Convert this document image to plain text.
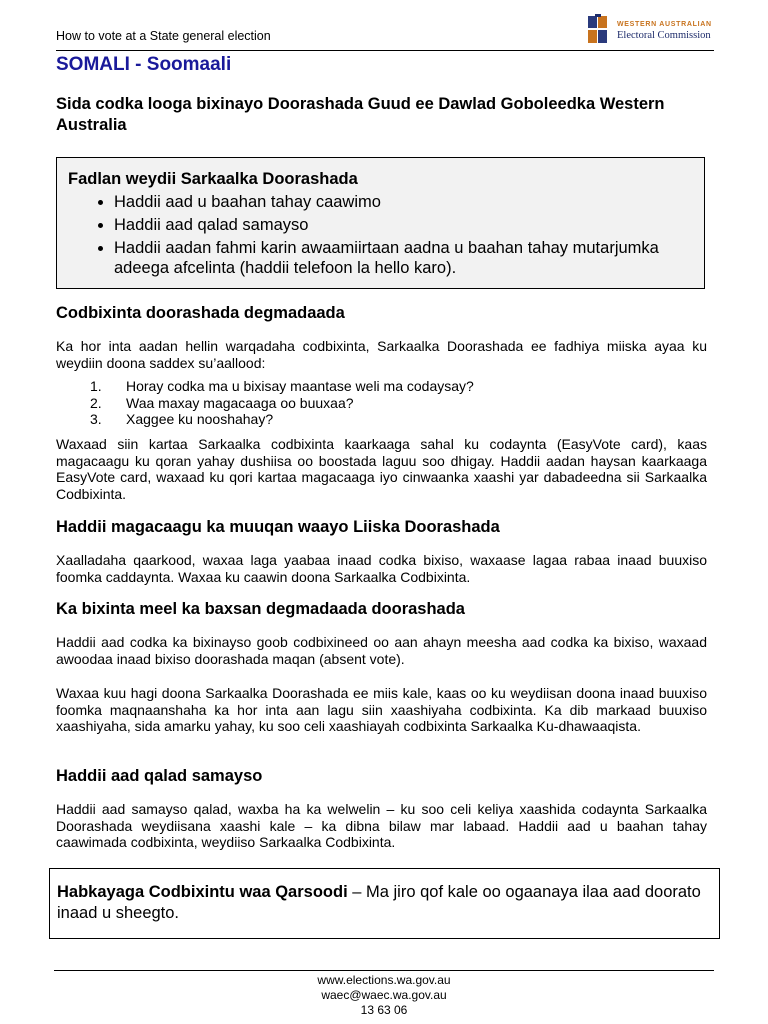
How to vote at a State general election
WESTERN AUSTRALIAN
Electoral Commission
SOMALI - Soomaali
Sida codka looga bixinayo Doorashada Guud ee Dawlad Goboleedka Western Australia
Fadlan weydii Sarkaalka Doorashada
• Haddii aad u baahan tahay caawimo
• Haddii aad qalad samayso
• Haddii aadan fahmi karin awaamiirtaan aadna u baahan tahay mutarjumka adeega afcelinta (haddii telefoon la hello karo).
Codbixinta doorashada degmadaada
Ka hor inta aadan hellin warqadaha codbixinta, Sarkaalka Doorashada ee fadhiya miiska ayaa ku weydiin doona saddex su’aallood:
1.	Horay codka ma u bixisay maantase weli ma codaysay?
2.	Waa maxay magacaaga oo buuxaa?
3.	Xaggee ku nooshahay?
Waxaad siin kartaa Sarkaalka codbixinta kaarkaaga sahal ku codaynta (EasyVote card), kaas magacaagu ku qoran yahay dushiisa oo boostada laguu soo dhigay. Haddii aadan haysan kaarkaaga EasyVote card, waxaad ku qori kartaa magacaaga iyo cinwaanka xaashi yar dabadeedna sii Sarkaalka Codbixinta.
Haddii magacaagu ka muuqan waayo Liiska Doorashada
Xaalladaha qaarkood, waxaa laga yaabaa inaad codka bixiso, waxaase lagaa rabaa inaad buuxiso foomka caddaynta. Waxaa ku caawin doona Sarkaalka Codbixinta.
Ka bixinta meel ka baxsan degmadaada doorashada
Haddii aad codka ka bixinayso goob codbixineed oo aan ahayn meesha aad codka ka bixiso, waxaad awoodaa inaad bixiso doorashada maqan (absent vote).
Waxaa kuu hagi doona Sarkaalka Doorashada ee miis kale, kaas oo ku weydiisan doona inaad buuxiso foomka maqnaanshaha ka hor inta aan lagu siin xaashiyaha codbixinta. Ka dib markaad buuxiso xaashiyaha, sida amarku yahay, ku soo celi xaashiayah codbixinta Sarkaalka Ku-dhawaaqista.
Haddii aad qalad samayso
Haddii aad samayso qalad, waxba ha ka welwelin – ku soo celi keliya xaashida codaynta Sarkaalka Doorashada weydiisana xaashi kale – ka dibna bilaw mar labaad. Haddii aad u baahan tahay caawimada codbixinta, weydiiso Sarkaalka Codbixinta.
Habkayaga Codbixintu waa Qarsoodi – Ma jiro qof kale oo ogaanaya ilaa aad doorato inaad u sheegto.
www.elections.wa.gov.au
waec@waec.wa.gov.au
13 63 06
